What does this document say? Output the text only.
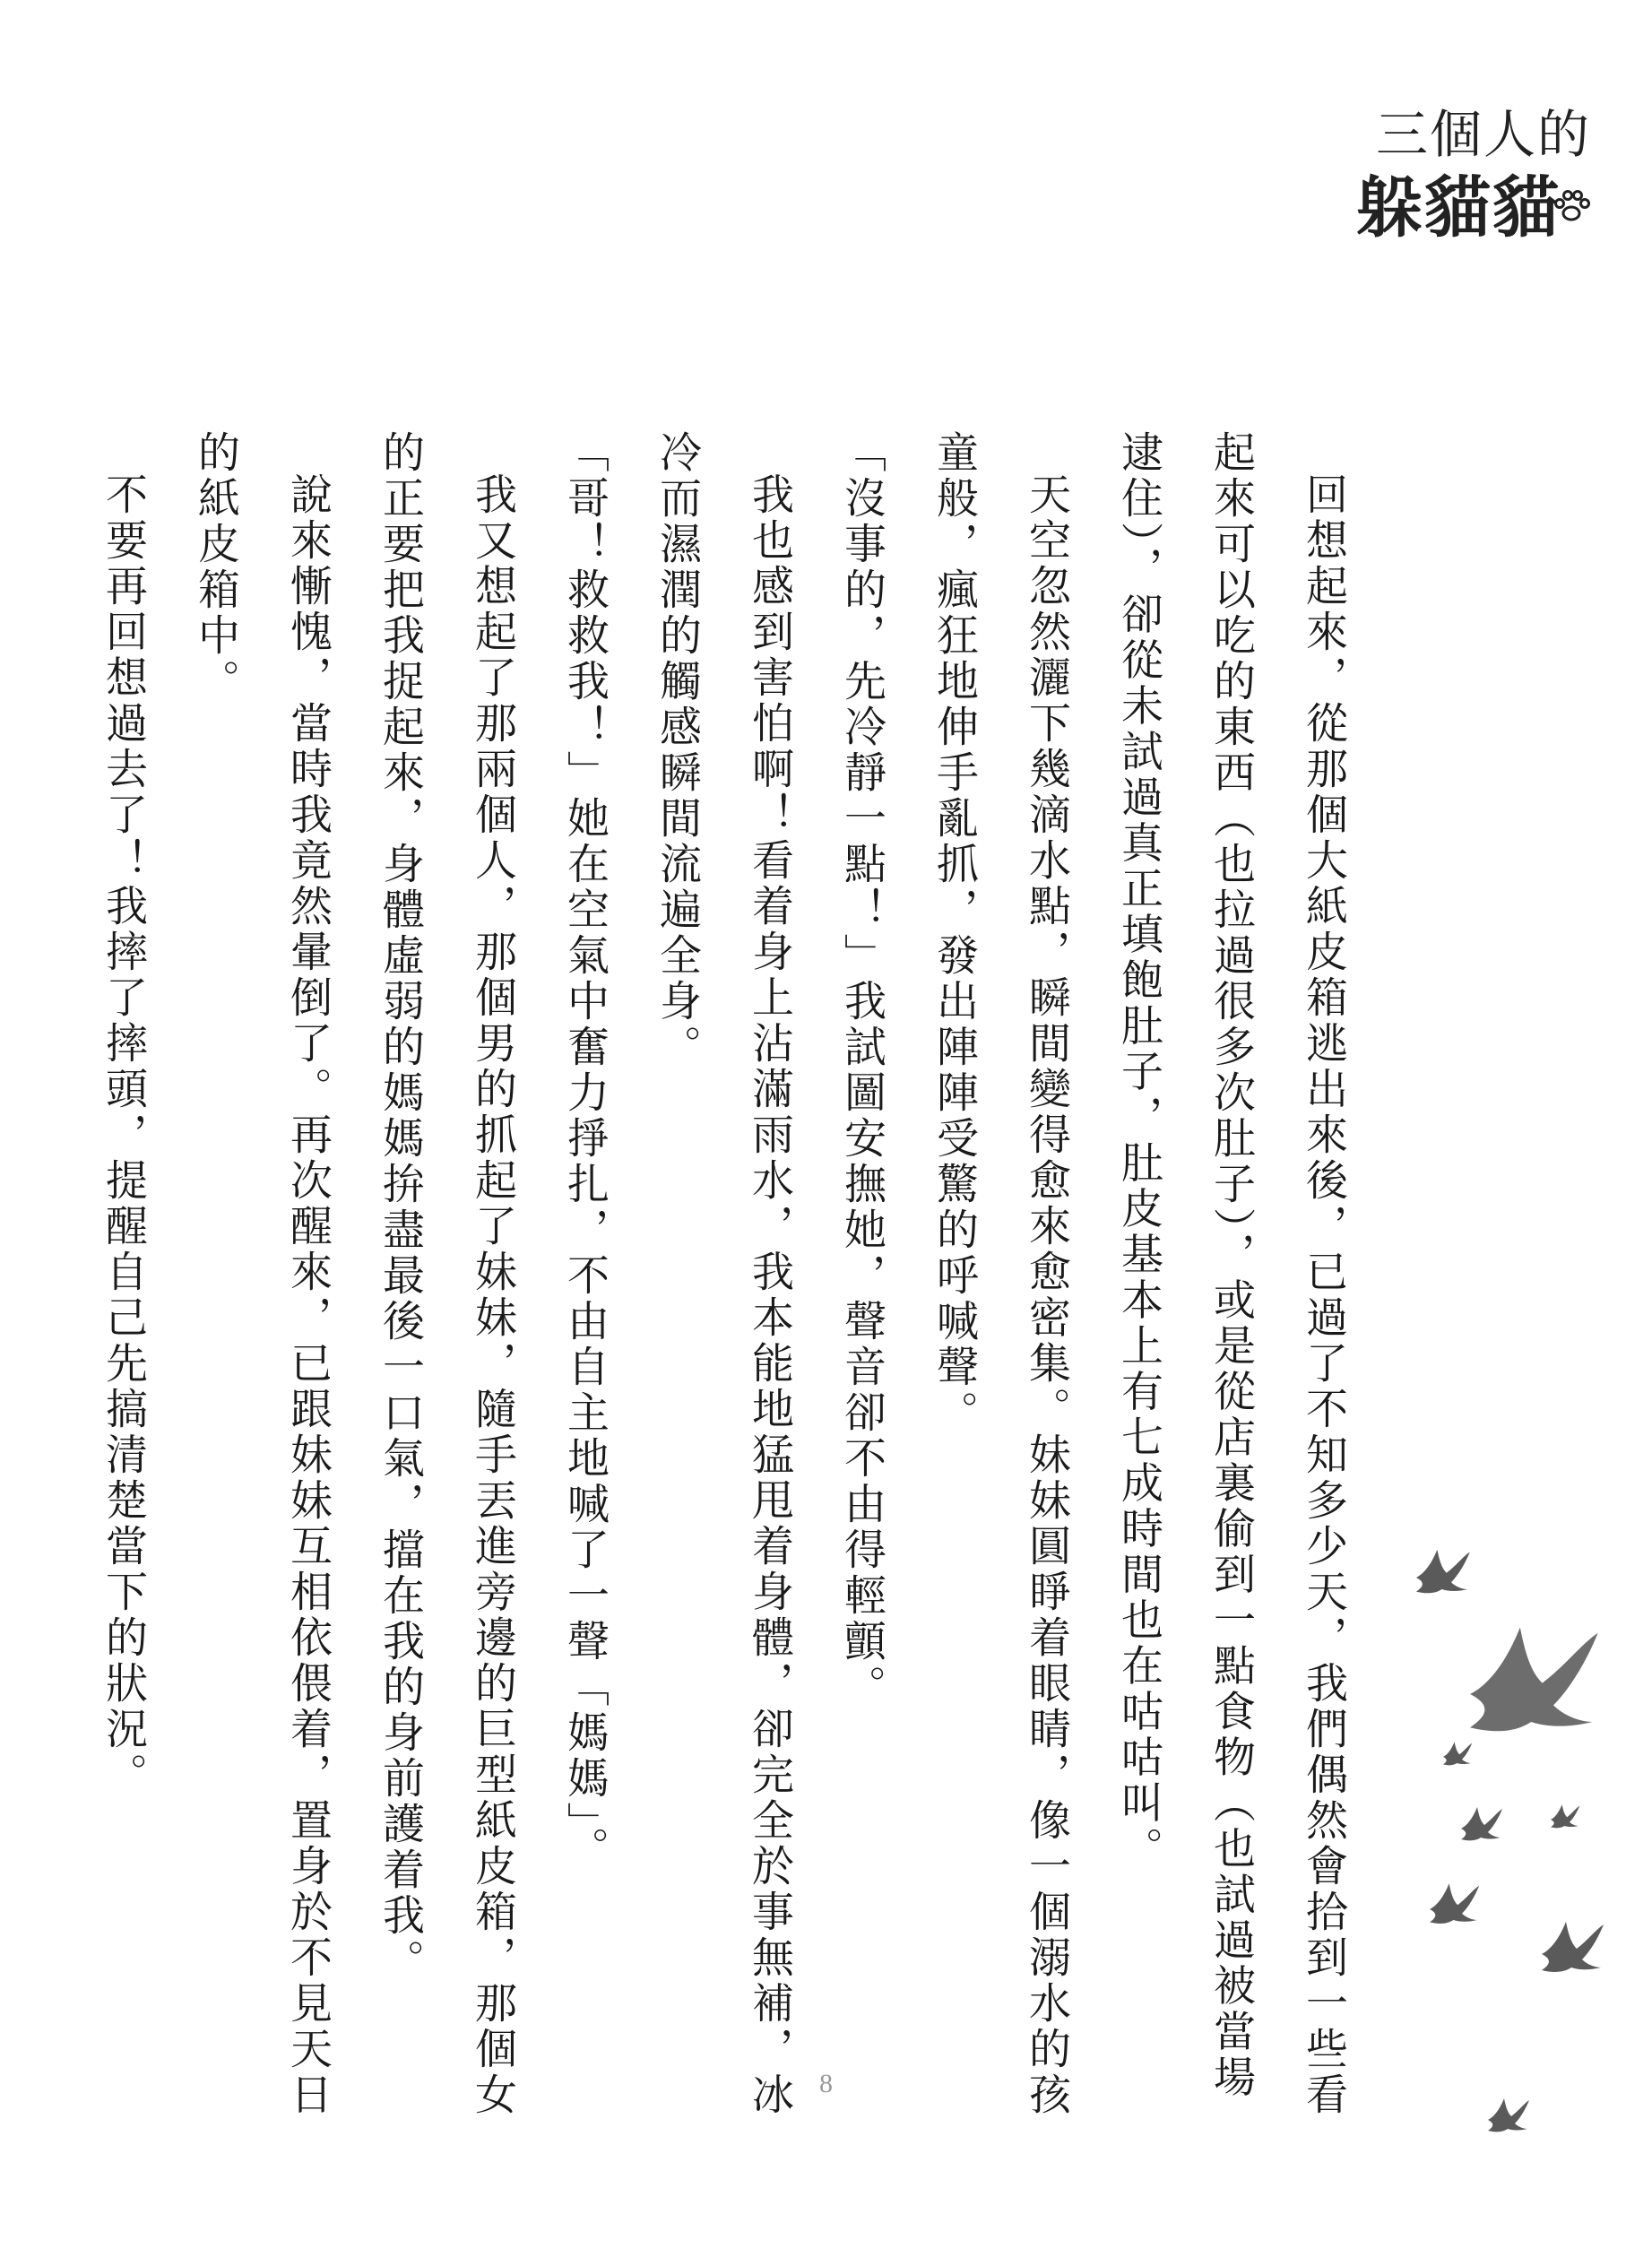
三個人的
躲貓貓

回想起來，從那個大紙皮箱逃出來後，已過了不知多少天，我們偶然會拾到一些看起來可以吃的東西（也拉過很多次肚子），或是從店裏偷到一點食物（也試過被當場逮住），卻從未試過真正填飽肚子，肚皮基本上有七成時間也在咕咕叫。

天空忽然灑下幾滴水點，瞬間變得愈來愈密集。妹妹圓睜着眼睛，像一個溺水的孩童般，瘋狂地伸手亂抓，發出陣陣受驚的呼喊聲。

「沒事的，先冷靜一點！」我試圖安撫她，聲音卻不由得輕顫。

我也感到害怕啊！看着身上沾滿雨水，我本能地猛甩着身體，卻完全於事無補，冰冷而濕潤的觸感瞬間流遍全身。

「哥！救救我！」她在空氣中奮力掙扎，不由自主地喊了一聲「媽媽」。

我又想起了那兩個人，那個男的抓起了妹妹，隨手丟進旁邊的巨型紙皮箱，那個女的正要把我捉起來，身體虛弱的媽媽拚盡最後一口氣，擋在我的身前護着我。

說來慚愧，當時我竟然暈倒了。再次醒來，已跟妹妹互相依偎着，置身於不見天日的紙皮箱中。

不要再回想過去了！我摔了摔頭，提醒自己先搞清楚當下的狀況。

8
